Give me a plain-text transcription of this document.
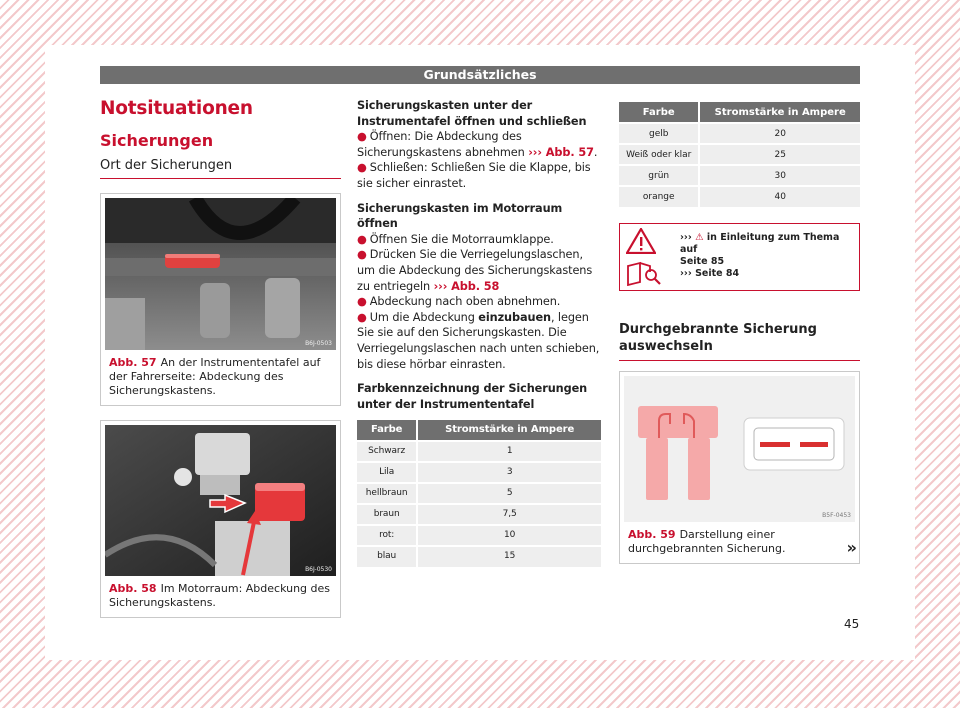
Grundsätzliches
Notsituationen
Sicherungen
Ort der Sicherungen
B6J-0503
Abb. 57 An der Instrumententafel auf der Fahrerseite: Abdeckung des Sicherungskastens.
B6J-0530
Abb. 58 Im Motorraum: Abdeckung des Sicherungskastens.
Sicherungskasten unter der Instrumentafel öffnen und schließen
● Öffnen: Die Abdeckung des Sicherungskastens abnehmen ››› Abb. 57.
● Schließen: Schließen Sie die Klappe, bis sie sicher einrastet.
Sicherungskasten im Motorraum öffnen
● Öffnen Sie die Motorraumklappe.
● Drücken Sie die Verriegelungslaschen, um die Abdeckung des Sicherungskastens zu entriegeln ››› Abb. 58
● Abdeckung nach oben abnehmen.
● Um die Abdeckung einzubauen, legen Sie sie auf den Sicherungskasten. Die Verriegelungslaschen nach unten schieben, bis diese hörbar einrasten.
Farbkennzeichnung der Sicherungen unter der Instrumententafel
Farbe	Stromstärke in Ampere
Schwarz	1
Lila	3
hellbraun	5
braun	7,5
rot:	10
blau	15
Farbe	Stromstärke in Ampere
gelb	20
Weiß oder klar	25
grün	30
orange	40
››› ⚠ in Einleitung zum Thema auf
Seite 85
››› Seite 84
Durchgebrannte Sicherung auswechseln
B5F-0453
Abb. 59 Darstellung einer durchgebrannten Sicherung.	»
45
